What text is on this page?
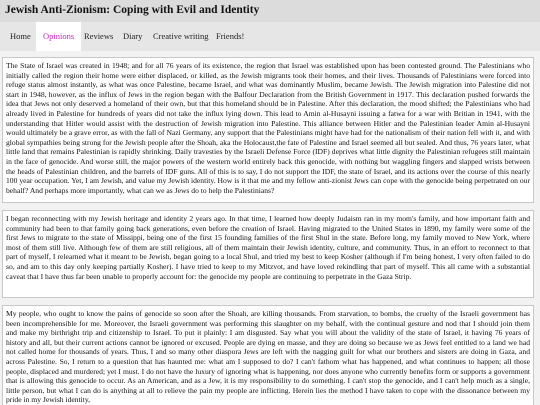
Jewish Anti-Zionism: Coping with Evil and Identity
Home	Opinions	Reviews	Diary	Creative writing Friends!
The State of Israel was created in 1948; and for all 76 years of its existence, the region that Israel was established upon has been contested ground. The Palestinians who initially called the region their home were either displaced, or killed, as the Jewish migrants took their homes, and their lives. Thousands of Palestinians were forced into refuge status almost instantly, as what was once Palestine, became Israel, and what was dominantly Muslim, became Jewish. The Jewish migration into Palestine did not start in 1948, however, as the influx of Jews in the region began with the Balfour Declaration from the British Government in 1917. This declaration pushed forwards the idea that Jews not only deserved a homeland of their own, but that this homeland should be in Palestine. After this declaration, the mood shifted; the Palestinians who had already lived in Palestine for hundreds of years did not take the influx lying down. This lead to Amin al-Husayni issuing a fatwa for a war with Britian in 1941, with the understanding that Hitler would assist with the destruction of Jewish migration into Palestine. This alliance between Hitler and the Palestinian leader Amin al-Husayni would ultimately be a grave error, as with the fall of Nazi Germany, any support that the Palestinians might have had for the nationalism of their nation fell with it, and with global sympathies being strong for the Jewish people after the Shoah, aka the Holocaust,the fate of Palestine and Israel seemed all but sealed. And thus, 76 years later, what little land that remains Palestinian is rapidly shrinking. Daily travesties by the Israeli Defense Force (IDF) deprives what little dignity the Palestinian refugees still maintain in the face of genocide. And worse still, the major powers of the western world entirely back this genocide, with nothing but waggling fingers and slapped wrists between the heads of Palestinian children, and the barrels of IDF guns. All of this is to say, I do not support the IDF, the state of Israel, and its actions over the course of this nearly 100 year occupation. Yet, I am Jewish, and value my Jewish identity. How is it that me and my fellow anti-zionist Jews can cope with the genocide being perpetrated on our behalf? And perhaps more importantly, what can we as Jews do to help the Palestinians?
I began reconnecting with my Jewish heritage and identity 2 years ago. In that time, I learned how deeply Judaism ran in my mom's family, and how important faith and community had been to that family going back generations, even before the creation of Israel. Having migrated to the United States in 1890, my family were some of the first Jews to migrate to the state of Missippi, being one of the first 15 founding families of the first Shul in the state. Before long, my family moved to New York, where most of them still live. Although few of them are still religious, all of them maintain their Jewish identity, culture, and community. Thus, in an effort to reconnect to that part of myself, I relearned what it meant to be Jewish, began going to a local Shul, and tried my best to keep Kosher (although if I'm being honest, I very often failed to do so, and am to this day only keeping partially Kosher). I have tried to keep to my Mitzvot, and have loved rekindling that part of myself. This all came with a substantial caveat that I have thus far been unable to properly account for: the genocide my people are continuing to perpetrate in the Gaza Strip.
My people, who ought to know the pains of genocide so soon after the Shoah, are killing thousands. From starvation, to bombs, the cruelty of the Israeli government has been incomprehensible for me. Moreover, the Israeli government was performing this slaughter on my behalf, with the continual gesture and nod that I should join them and make my birthright trip and citizenship to Israel. To put it plainly: I am disgusted. Say what you will about the validity of the state of Israel, it having 76 years of history and all, but their current actions cannot be ignored or excused. People are dying en masse, and they are doing so because we as Jews feel entitled to a land we had not called home for thousands of years. Thus, I and so many other diaspora Jews are left with the nagging guilt for what our brothers and sisters are doing in Gaza, and across Palestine. So, I return to a question that has haunted me: what am I supposed to do? I can't fathom what has happened, and what continues to happen; all those people, displaced and murdered; yet I must. I do not have the luxury of ignoring what is happening, nor does anyone who currently benefits form or supports a government that is allowing this genocide to occur. As an American, and as a Jew, it is my responsibility to do something. I can't stop the genocide, and I can't help much as a single, little person, but what I can do is anything at all to relieve the pain my people are inflicting. Herein lies the method I have taken to cope with the dissonance between my pride in my Jewish identity,
